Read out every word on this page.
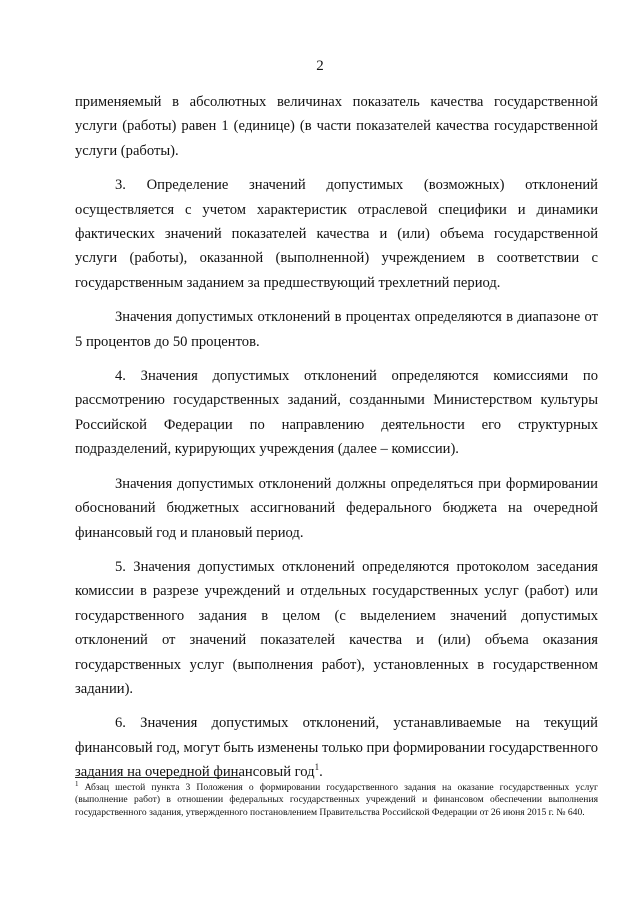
2

применяемый в абсолютных величинах показатель качества государственной услуги (работы) равен 1 (единице) (в части показателей качества государственной услуги (работы).

3. Определение значений допустимых (возможных) отклонений осуществляется с учетом характеристик отраслевой специфики и динамики фактических значений показателей качества и (или) объема государственной услуги (работы), оказанной (выполненной) учреждением в соответствии с государственным заданием за предшествующий трехлетний период.

Значения допустимых отклонений в процентах определяются в диапазоне от 5 процентов до 50 процентов.

4. Значения допустимых отклонений определяются комиссиями по рассмотрению государственных заданий, созданными Министерством культуры Российской Федерации по направлению деятельности его структурных подразделений, курирующих учреждения (далее – комиссии).

Значения допустимых отклонений должны определяться при формировании обоснований бюджетных ассигнований федерального бюджета на очередной финансовый год и плановый период.

5. Значения допустимых отклонений определяются протоколом заседания комиссии в разрезе учреждений и отдельных государственных услуг (работ) или государственного задания в целом (с выделением значений допустимых отклонений от значений показателей качества и (или) объема оказания государственных услуг (выполнения работ), установленных в государственном задании).

6. Значения допустимых отклонений, устанавливаемые на текущий финансовый год, могут быть изменены только при формировании государственного задания на очередной финансовый год$^1$.

$^1$ Абзац шестой пункта 3 Положения о формировании государственного задания на оказание государственных услуг (выполнение работ) в отношении федеральных государственных учреждений и финансовом обеспечении выполнения государственного задания, утвержденного постановлением Правительства Российской Федерации от 26 июня 2015 г. № 640.
